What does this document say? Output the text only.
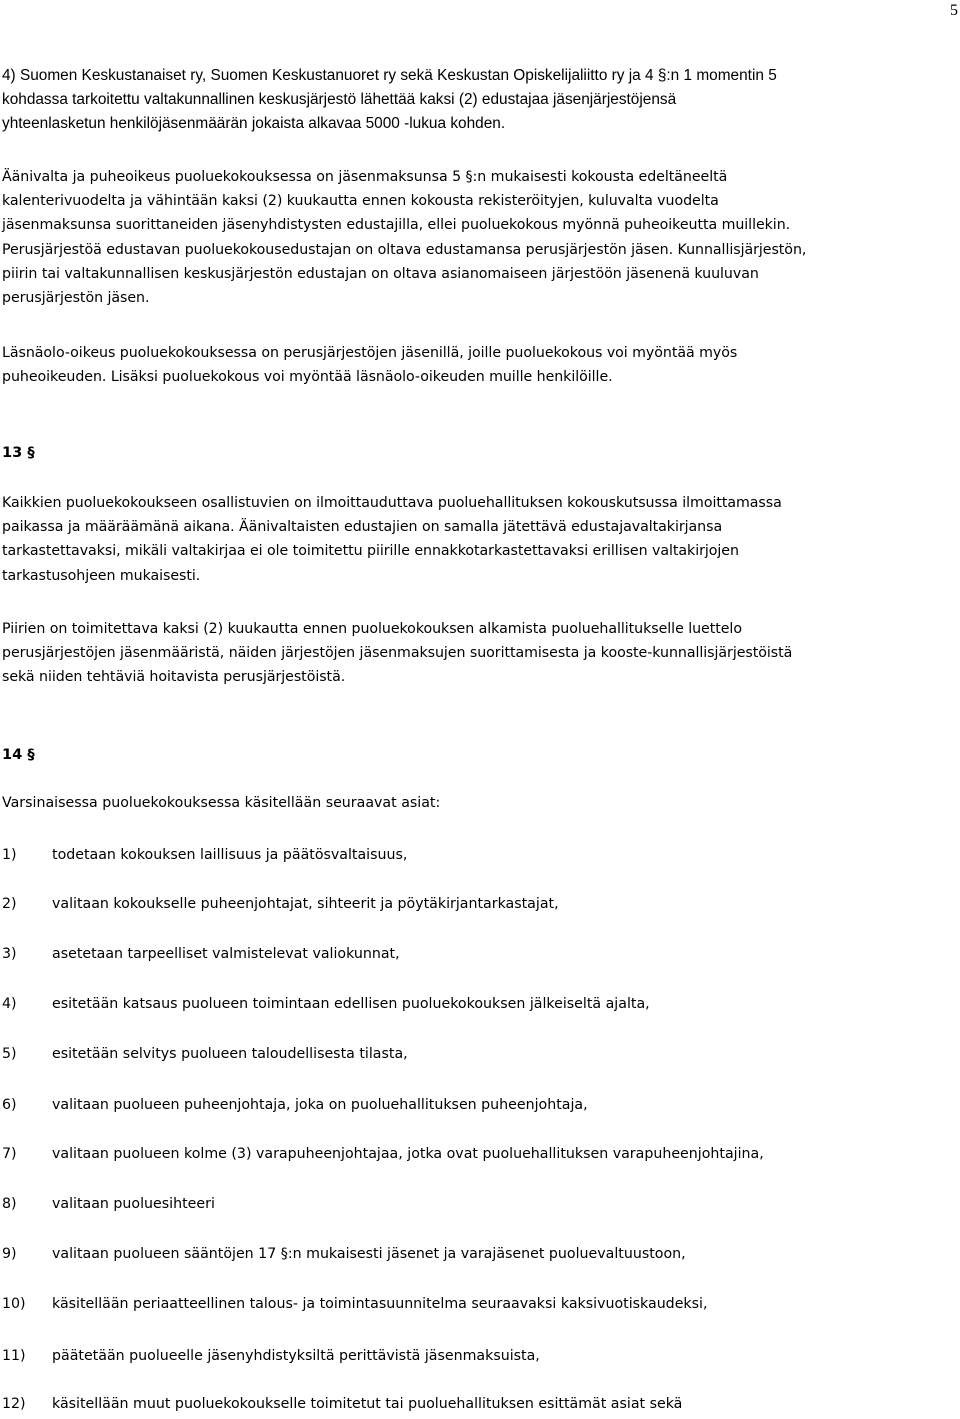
5
4) Suomen Keskustanaiset ry, Suomen Keskustanuoret ry sekä Keskustan Opiskelijaliitto ry ja 4 §:n 1 momentin 5
kohdassa tarkoitettu valtakunnallinen keskusjärjestö lähettää kaksi (2) edustajaa jäsenjärjestöjensä
yhteenlasketun henkilöjäsenmäärän jokaista alkavaa 5000 -lukua kohden.
Äänivalta ja puheoikeus puoluekokouksessa on jäsenmaksunsa 5 §:n mukaisesti kokousta edeltäneeltä
kalenterivuodelta ja vähintään kaksi (2) kuukautta ennen kokousta rekisteröityjen, kuluvalta vuodelta
jäsenmaksunsa suorittaneiden jäsenyhdistysten edustajilla, ellei puoluekokous myönnä puheoikeutta muillekin.
Perusjärjestöä edustavan puoluekokousedustajan on oltava edustamansa perusjärjestön jäsen. Kunnallisjärjestön,
piirin tai valtakunnallisen keskusjärjestön edustajan on oltava asianomaiseen järjestöön jäsenenä kuuluvan
perusjärjestön jäsen.
Läsnäolo-oikeus puoluekokouksessa on perusjärjestöjen jäsenillä, joille puoluekokous voi myöntää myös
puheoikeuden. Lisäksi puoluekokous voi myöntää läsnäolo-oikeuden muille henkilöille.
13 §
Kaikkien puoluekokoukseen osallistuvien on ilmoittauduttava puoluehallituksen kokouskutsussa ilmoittamassa
paikassa ja määräämänä aikana. Äänivaltaisten edustajien on samalla jätettävä edustajavaltakirjansa
tarkastettavaksi, mikäli valtakirjaa ei ole toimitettu piirille ennakkotarkastettavaksi erillisen valtakirjojen
tarkastusohjeen mukaisesti.
Piirien on toimitettava kaksi (2) kuukautta ennen puoluekokouksen alkamista puoluehallitukselle luettelo
perusjärjestöjen jäsenmääristä, näiden järjestöjen jäsenmaksujen suorittamisesta ja kooste-kunnallisjärjestöistä
sekä niiden tehtäviä hoitavista perusjärjestöistä.
14 §
Varsinaisessa puoluekokouksessa käsitellään seuraavat asiat:
1) todetaan kokouksen laillisuus ja päätösvaltaisuus,
2) valitaan kokoukselle puheenjohtajat, sihteerit ja pöytäkirjantarkastajat,
3) asetetaan tarpeelliset valmistelevat valiokunnat,
4) esitetään katsaus puolueen toimintaan edellisen puoluekokouksen jälkeiseltä ajalta,
5) esitetään selvitys puolueen taloudellisesta tilasta,
6) valitaan puolueen puheenjohtaja, joka on puoluehallituksen puheenjohtaja,
7) valitaan puolueen kolme (3) varapuheenjohtajaa, jotka ovat puoluehallituksen varapuheenjohtajina,
8) valitaan puoluesihteeri
9) valitaan puolueen sääntöjen 17 §:n mukaisesti jäsenet ja varajäsenet puoluevaltuustoon,
10) käsitellään periaatteellinen talous- ja toimintasuunnitelma seuraavaksi kaksivuotiskaudeksi,
11) päätetään puolueelle jäsenyhdistyksiltä perittävistä jäsenmaksuista,
12) käsitellään muut puoluekokoukselle toimitetut tai puoluehallituksen esittämät asiat sekä
